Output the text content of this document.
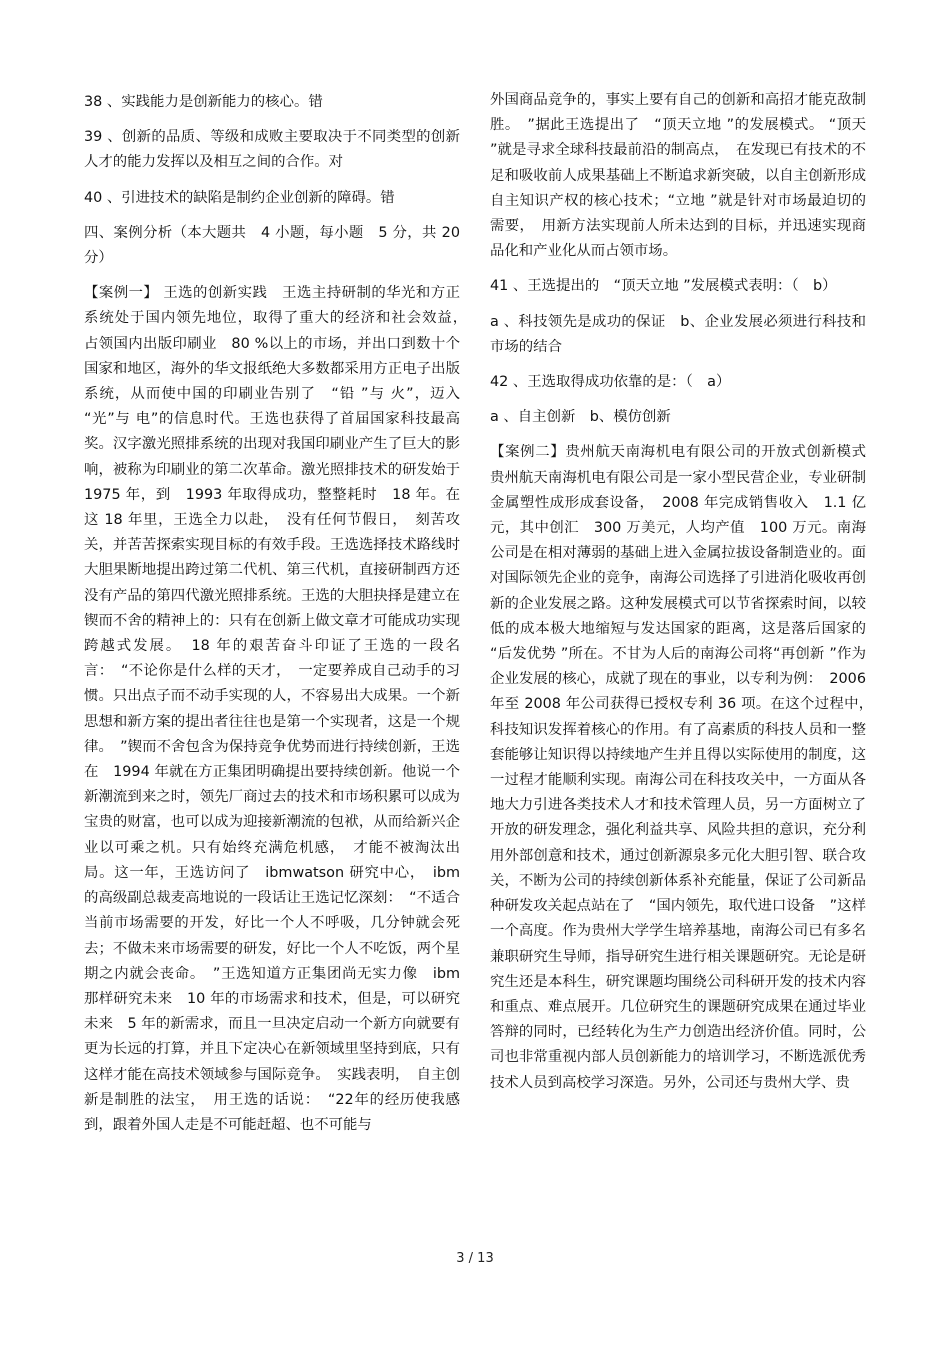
38 、实践能力是创新能力的核心。错

39 、创新的品质、等级和成败主要取决于不同类型的创新人才的能力发挥以及相互之间的合作。对

40 、引进技术的缺陷是制约企业创新的障碍。错

四、案例分析（本大题共　4 小题，每小题　5 分，共 20 分）

【案例一】 王选的创新实践　王选主持研制的华光和方正系统处于国内领先地位，取得了重大的经济和社会效益，　占领国内出版印刷业　80 %以上的市场，并出口到数十个国家和地区，海外的华文报纸绝大多数都采用方正电子出版系统，从而使中国的印刷业告别了　“铅 ”与 火”，迈入 “光”与 电”的信息时代。王选也获得了首届国家科技最高奖。汉字激光照排系统的出现对我国印刷业产生了巨大的影响，被称为印刷业的第二次革命。激光照排技术的研发始于1975 年，到　1993 年取得成功，整整耗时　18 年。在这 18 年里，王选全力以赴，　没有任何节假日，　刻苦攻关，并苦苦探索实现目标的有效手段。王选选择技术路线时大胆果断地提出跨过第二代机、第三代机，直接研制西方还没有产品的第四代激光照排系统。王选的大胆抉择是建立在锲而不舍的精神上的：只有在创新上做文章才可能成功实现跨越式发展。　18 年的艰苦奋斗印证了王选的一段名言：　“不论你是什么样的天才，　一定要养成自己动手的习惯。只出点子而不动手实现的人，不容易出大成果。一个新思想和新方案的提出者往往也是第一个实现者，这是一个规律。　”锲而不舍包含为保持竞争优势而进行持续创新，王选在　1994 年就在方正集团明确提出要持续创新。他说一个新潮流到来之时，领先厂商过去的技术和市场积累可以成为宝贵的财富，也可以成为迎接新潮流的包袱，从而给新兴企业以可乘之机。只有始终充满危机感，　才能不被淘汰出局。这一年，王选访问了　ibmwatson 研究中心，　ibm 的高级副总裁麦高地说的一段话让王选记忆深刻：　“不适合当前市场需要的开发，好比一个人不呼吸，几分钟就会死去；不做未来市场需要的研发，好比一个人不吃饭，两个星期之内就会丧命。　”王选知道方正集团尚无实力像　ibm 那样研究未来　10 年的市场需求和技术，但是，可以研究未来　5 年的新需求，而且一旦决定启动一个新方向就要有更为长远的打算，并且下定决心在新领域里坚持到底，只有这样才能在高技术领域参与国际竞争。　实践表明，　自主创新是制胜的法宝，　用王选的话说：　“22年的经历使我感到，跟着外国人走是不可能赶超、也不可能与

外国商品竞争的，事实上要有自己的创新和高招才能克敌制胜。　”据此王选提出了　“顶天立地 ”的发展模式。 “顶天 ”就是寻求全球科技最前沿的制高点，　在发现已有技术的不足和吸收前人成果基础上不断追求新突破，以自主创新形成自主知识产权的核心技术；“立地 ”就是针对市场最迫切的需要，　用新方法实现前人所未达到的目标，并迅速实现商品化和产业化从而占领市场。

41 、王选提出的　“顶天立地 ”发展模式表明：（　b）

a 、科技领先是成功的保证　b、企业发展必须进行科技和市场的结合

42 、王选取得成功依靠的是：（　a）

a 、自主创新　b、模仿创新

【案例二】贵州航天南海机电有限公司的开放式创新模式　贵州航天南海机电有限公司是一家小型民营企业，专业研制金属塑性成形成套设备，　2008 年完成销售收入　1.1 亿元，其中创汇　300 万美元，人均产值　100 万元。南海公司是在相对薄弱的基础上进入金属拉拔设备制造业的。面对国际领先企业的竞争，南海公司选择了引进消化吸收再创新的企业发展之路。这种发展模式可以节省探索时间，以较低的成本极大地缩短与发达国家的距离，这是落后国家的 “后发优势 ”所在。不甘为人后的南海公司将“再创新 ”作为企业发展的核心，成就了现在的事业，以专利为例：　2006 年至 2008 年公司获得已授权专利 36 项。在这个过程中，　科技知识发挥着核心的作用。有了高素质的科技人员和一整套能够让知识得以持续地产生并且得以实际使用的制度，这一过程才能顺利实现。南海公司在科技攻关中，一方面从各地大力引进各类技术人才和技术管理人员，另一方面树立了开放的研发理念，强化利益共享、风险共担的意识，充分利用外部创意和技术，通过创新源泉多元化大胆引智、联合攻关，不断为公司的持续创新体系补充能量，保证了公司新品种研发攻关起点站在了　“国内领先，取代进口设备　”这样一个高度。作为贵州大学学生培养基地，南海公司已有多名兼职研究生导师，指导研究生进行相关课题研究。无论是研究生还是本科生，研究课题均围绕公司科研开发的技术内容和重点、难点展开。几位研究生的课题研究成果在通过毕业答辩的同时，已经转化为生产力创造出经济价值。同时，公司也非常重视内部人员创新能力的培训学习，不断选派优秀技术人员到高校学习深造。另外，公司还与贵州大学、贵

3 / 13
